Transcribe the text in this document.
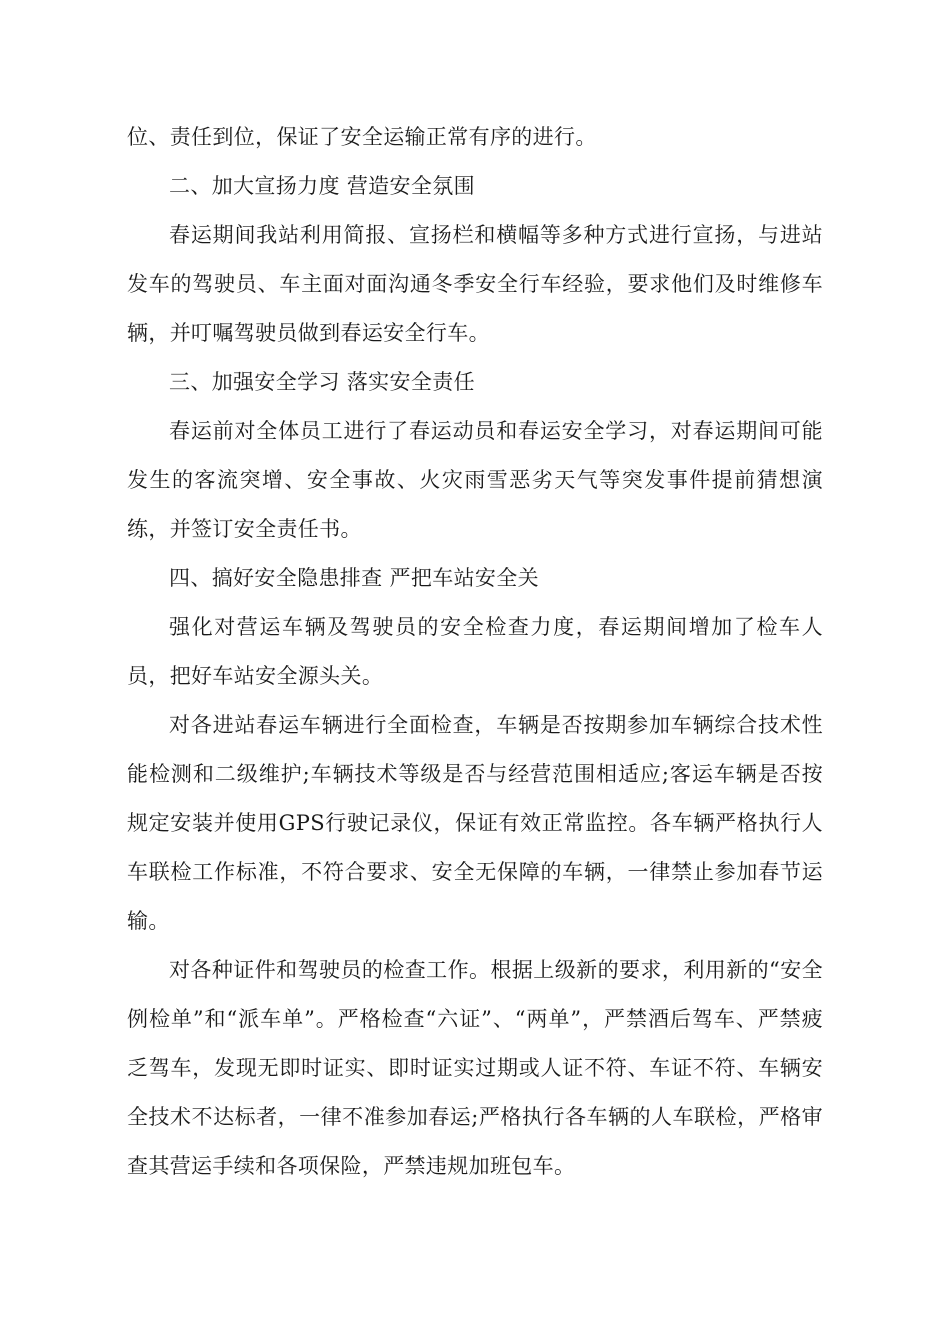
位、责任到位，保证了安全运输正常有序的进行。

二、加大宣扬力度 营造安全氛围

春运期间我站利用简报、宣扬栏和横幅等多种方式进行宣扬，与进站发车的驾驶员、车主面对面沟通冬季安全行车经验，要求他们及时维修车辆，并叮嘱驾驶员做到春运安全行车。

三、加强安全学习 落实安全责任

春运前对全体员工进行了春运动员和春运安全学习，对春运期间可能发生的客流突增、安全事故、火灾雨雪恶劣天气等突发事件提前猜想演练，并签订安全责任书。

四、搞好安全隐患排查 严把车站安全关

强化对营运车辆及驾驶员的安全检查力度，春运期间增加了检车人员，把好车站安全源头关。

对各进站春运车辆进行全面检查，车辆是否按期参加车辆综合技术性能检测和二级维护;车辆技术等级是否与经营范围相适应;客运车辆是否按规定安装并使用GPS行驶记录仪，保证有效正常监控。各车辆严格执行人车联检工作标准，不符合要求、安全无保障的车辆，一律禁止参加春节运输。

对各种证件和驾驶员的检查工作。根据上级新的要求，利用新的“安全例检单”和“派车单”。严格检查“六证”、“两单”，严禁酒后驾车、严禁疲乏驾车，发现无即时证实、即时证实过期或人证不符、车证不符、车辆安全技术不达标者，一律不准参加春运;严格执行各车辆的人车联检，严格审查其营运手续和各项保险，严禁违规加班包车。
